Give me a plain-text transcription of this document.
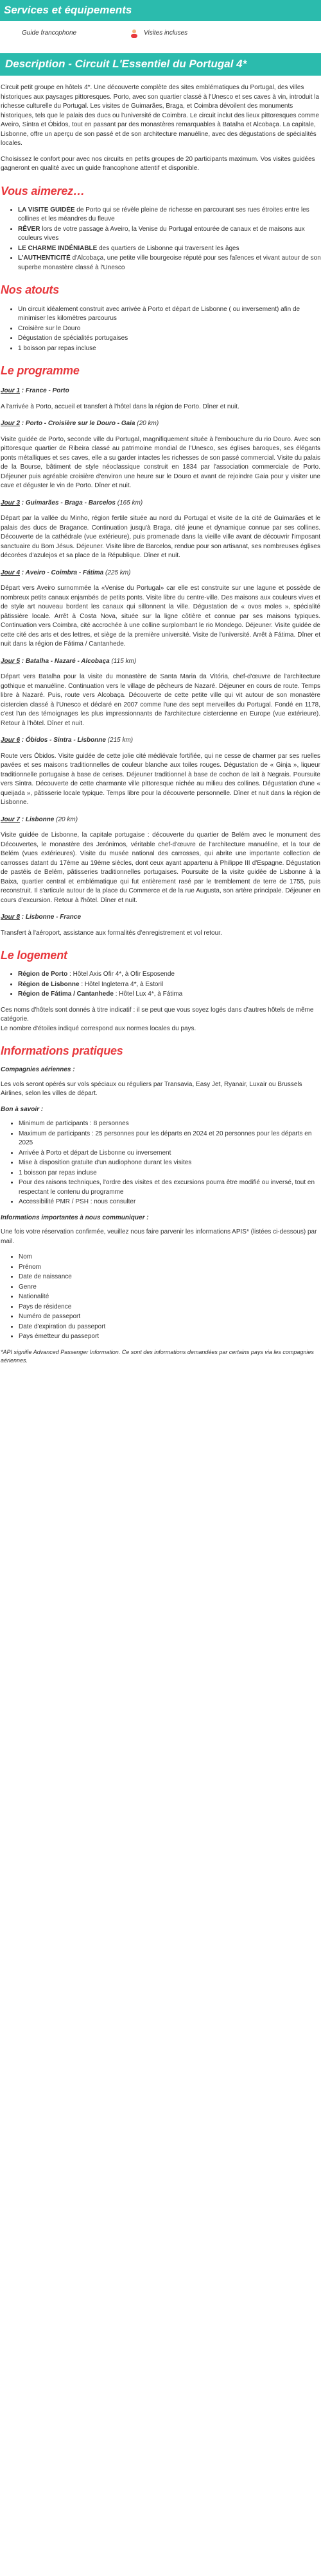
Services et équipements
Guide francophone	Visites incluses
Description - Circuit L'Essentiel du Portugal 4*

Circuit petit groupe en hôtels 4*. Une découverte complète des sites emblématiques du Portugal, des villes historiques aux paysages pittoresques. Porto, avec son quartier classé à l'Unesco et ses caves à vin, introduit la richesse culturelle du Portugal. Les visites de Guimarães, Braga, et Coimbra dévoilent des monuments historiques, tels que le palais des ducs ou l'université de Coimbra. Le circuit inclut des lieux pittoresques comme Aveiro, Sintra et Óbidos, tout en passant par des monastères remarquables à Batalha et Alcobaça. La capitale, Lisbonne, offre un aperçu de son passé et de son architecture manuéline, avec des dégustations de spécialités locales.

Choisissez le confort pour avec nos circuits en petits groupes de 20 participants maximum. Vos visites guidées gagneront en qualité avec un guide francophone attentif et disponible.

Vous aimerez…
• LA VISITE GUIDÉE de Porto qui se révèle pleine de richesse en parcourant ses rues étroites entre les collines et les méandres du fleuve
• RÊVER lors de votre passage à Aveiro, la Venise du Portugal entourée de canaux et de maisons aux couleurs vives
• LE CHARME INDÉNIABLE des quartiers de Lisbonne qui traversent les âges
• L'AUTHENTICITÉ d'Alcobaça, une petite ville bourgeoise réputé pour ses faïences et vivant autour de son superbe monastère classé à l'Unesco
Nos atouts
• Un circuit idéalement construit avec arrivée à Porto et départ de Lisbonne ( ou inversement) afin de minimiser les kilomètres parcourus
• Croisière sur le Douro
• Dégustation de spécialités portugaises
• 1 boisson par repas incluse
Le programme

Jour 1 : France - Porto

A l'arrivée à Porto, accueil et transfert à l'hôtel dans la région de Porto. Dîner et nuit.

Jour 2 : Porto - Croisière sur le Douro - Gaia (20 km)

Visite guidée de Porto, seconde ville du Portugal, magnifiquement située à l'embouchure du rio Douro. Avec son pittoresque quartier de Ribeira classé au patrimoine mondial de l'Unesco, ses églises baroques, ses élégants ponts métalliques et ses caves, elle a su garder intactes les richesses de son passé commercial. Visite du palais de la Bourse, bâtiment de style néoclassique construit en 1834 par l'association commerciale de Porto. Déjeuner puis agréable croisière d'environ une heure sur le Douro et avant de rejoindre Gaia pour y visiter une cave et déguster le vin de Porto. Dîner et nuit.

Jour 3 : Guimarães - Braga - Barcelos (165 km)

Départ par la vallée du Minho, région fertile située au nord du Portugal et visite de la cité de Guimarães et le palais des ducs de Bragance. Continuation jusqu'à Braga, cité jeune et dynamique connue par ses collines. Découverte de la cathédrale (vue extérieure), puis promenade dans la vieille ville avant de découvrir l'imposant sanctuaire du Bom Jésus. Déjeuner. Visite libre de Barcelos, rendue pour son artisanat, ses nombreuses églises décorées d'azulejos et sa place de la République. Dîner et nuit.

Jour 4 : Aveiro - Coimbra - Fátima (225 km)

Départ vers Aveiro surnommée la «Venise du Portugal» car elle est construite sur une lagune et possède de nombreux petits canaux enjambés de petits ponts. Visite libre du centre-ville. Des maisons aux couleurs vives et de style art nouveau bordent les canaux qui sillonnent la ville. Dégustation de « ovos moles », spécialité pâtissière locale. Arrêt à Costa Nova, située sur la ligne côtière et connue par ses maisons typiques. Continuation vers Coimbra, cité accrochée à une colline surplombant le rio Mondego. Déjeuner. Visite guidée de cette cité des arts et des lettres, et siège de la première université. Visite de l'université. Arrêt à Fátima. Dîner et nuit dans la région de Fátima / Cantanhede.

Jour 5 : Batalha - Nazaré - Alcobaça (115 km)

Départ vers Batalha pour la visite du monastère de Santa Maria da Vitória, chef-d'œuvre de l'architecture gothique et manuéline. Continuation vers le village de pêcheurs de Nazaré. Déjeuner en cours de route. Temps libre à Nazaré. Puis, route vers Alcobaça. Découverte de cette petite ville qui vit autour de son monastère cistercien classé à l'Unesco et déclaré en 2007 comme l'une des sept merveilles du Portugal. Fondé en 1178, c'est l'un des témoignages les plus impressionnants de l'architecture cistercienne en Europe (vue extérieure). Retour à l'hôtel. Dîner et nuit.

Jour 6 : Óbidos - Sintra - Lisbonne (215 km)

Route vers Óbidos. Visite guidée de cette jolie cité médiévale fortifiée, qui ne cesse de charmer par ses ruelles pavées et ses maisons traditionnelles de couleur blanche aux toiles rouges. Dégustation de « Ginja », liqueur traditionnelle portugaise à base de cerises. Déjeuner traditionnel à base de cochon de lait à Negrais. Poursuite vers Sintra. Découverte de cette charmante ville pittoresque nichée au milieu des collines. Dégustation d'une « queijada », pâtisserie locale typique. Temps libre pour la découverte personnelle. Dîner et nuit dans la région de Lisbonne.

Jour 7 : Lisbonne (20 km)

Visite guidée de Lisbonne, la capitale portugaise : découverte du quartier de Belém avec le monument des Découvertes, le monastère des Jerónimos, véritable chef-d'œuvre de l'architecture manuéline, et la tour de Belém (vues extérieures). Visite du musée national des carrosses, qui abrite une importante collection de carrosses datant du 17ème au 19ème siècles, dont ceux ayant appartenu à Philippe III d'Espagne. Dégustation de pastéis de Belém, pâtisseries traditionnelles portugaises. Poursuite de la visite guidée de Lisbonne à la Baixa, quartier central et emblématique qui fut entièrement rasé par le tremblement de terre de 1755, puis reconstruit. Il s'articule autour de la place du Commerce et de la rue Augusta, son artère principale. Déjeuner en cours d'excursion. Retour à l'hôtel. Dîner et nuit.

Jour 8 : Lisbonne - France

Transfert à l'aéroport, assistance aux formalités d'enregistrement et vol retour.

Le logement
• Région de Porto : Hôtel Axis Ofir 4*, à Ofir Esposende
• Région de Lisbonne : Hôtel Ingleterra 4*, à Estoril
• Région de Fátima / Cantanhede : Hôtel Lux 4*, à Fátima

Ces noms d'hôtels sont donnés à titre indicatif : il se peut que vous soyez logés dans d'autres hôtels de même catégorie.

Le nombre d'étoiles indiqué correspond aux normes locales du pays.

Informations pratiques

Compagnies aériennes :

Les vols seront opérés sur vols spéciaux ou réguliers par Transavia, Easy Jet, Ryanair, Luxair ou Brussels Airlines, selon les villes de départ.

Bon à savoir :

• Minimum de participants : 8 personnes
• Maximum de participants : 25 personnes pour les départs en 2024 et 20 personnes pour les départs en 2025
• Arrivée à Porto et départ de Lisbonne ou inversement
• Mise à disposition gratuite d'un audiophone durant les visites
• 1 boisson par repas incluse
• Pour des raisons techniques, l'ordre des visites et des excursions pourra être modifié ou inversé, tout en respectant le contenu du programme
• Accessibilité PMR / PSH : nous consulter

Informations importantes à nous communiquer :

Une fois votre réservation confirmée, veuillez nous faire parvenir les informations APIS* (listées ci-dessous) par mail.

• Nom
• Prénom
• Date de naissance
• Genre
• Nationalité
• Pays de résidence
• Numéro de passeport
• Date d'expiration du passeport
• Pays émetteur du passeport

*API signifie Advanced Passenger Information. Ce sont des informations demandées par certains pays via les compagnies aériennes.
